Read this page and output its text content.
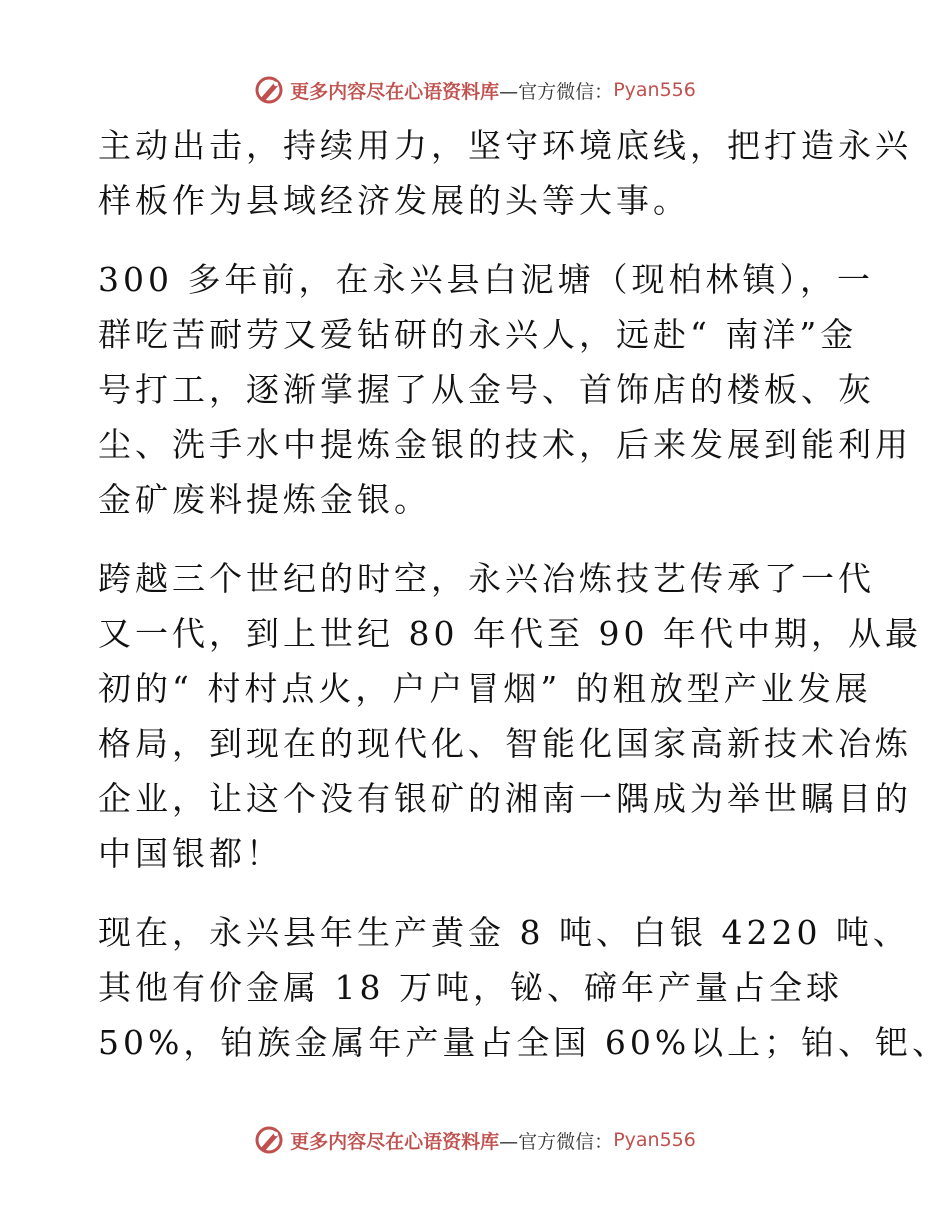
更多内容尽在心语资料库 —官方微信： Pyan556
主动出击，持续用力，坚守环境底线，把打造永兴
样板作为县域经济发展的头等大事。
300 多年前，在永兴县白泥塘（现柏林镇），一
群吃苦耐劳又爱钻研的永兴人，远赴“ 南洋”金
号打工，逐渐掌握了从金号、首饰店的楼板、灰
尘、洗手水中提炼金银的技术，后来发展到能利用
金矿废料提炼金银。
跨越三个世纪的时空，永兴冶炼技艺传承了一代
又一代，到上世纪 80 年代至 90 年代中期，从最
初的“ 村村点火，户户冒烟” 的粗放型产业发展
格局，到现在的现代化、智能化国家高新技术冶炼
企业，让这个没有银矿的湘南一隅成为举世瞩目的
中国银都！
现在，永兴县年生产黄金 8 吨、白银 4220 吨、
其他有价金属 18 万吨，铋、碲年产量占全球
50%，铂族金属年产量占全国 60%以上；铂、钯、
更多内容尽在心语资料库 —官方微信： Pyan556
